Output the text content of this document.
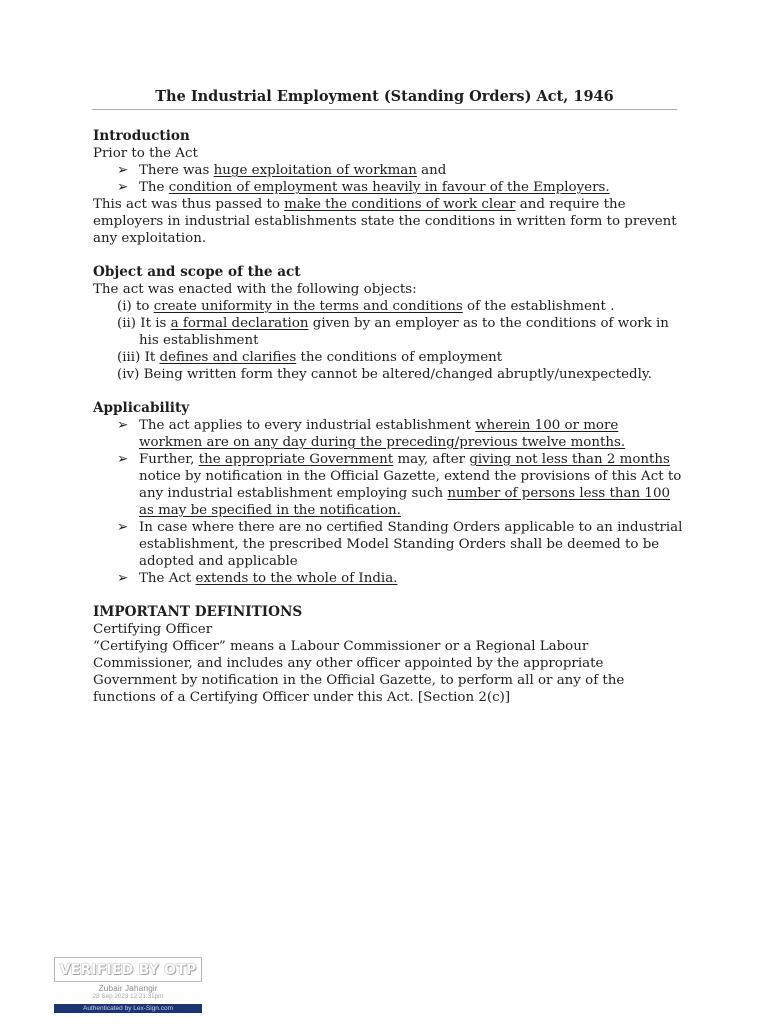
The Industrial Employment (Standing Orders) Act, 1946
Introduction

Prior to the Act

➢ There was huge exploitation of workman and

➢ The condition of employment was heavily in favour of the Employers.

This act was thus passed to make the conditions of work clear and require the employers in industrial establishments state the conditions in written form to prevent any exploitation.

Object and scope of the act

The act was enacted with the following objects:

(i) to create uniformity in the terms and conditions of the establishment .

(ii) It is a formal declaration given by an employer as to the conditions of work in his establishment

(iii) It defines and clarifies the conditions of employment

(iv) Being written form they cannot be altered/changed abruptly/unexpectedly.

Applicability

➢ The act applies to every industrial establishment wherein 100 or more workmen are on any day during the preceding/previous twelve months.

➢ Further, the appropriate Government may, after giving not less than 2 months notice by notification in the Official Gazette, extend the provisions of this Act to any industrial establishment employing such number of persons less than 100 as may be specified in the notification.

➢ In case where there are no certified Standing Orders applicable to an industrial establishment, the prescribed Model Standing Orders shall be deemed to be adopted and applicable

➢ The Act extends to the whole of India.

IMPORTANT DEFINITIONS

Certifying Officer

“Certifying Officer” means a Labour Commissioner or a Regional Labour Commissioner, and includes any other officer appointed by the appropriate Government by notification in the Official Gazette, to perform all or any of the functions of a Certifying Officer under this Act. [Section 2(c)]

VERIFIED BY OTP
Zubair Jahangir
28 Sep 2023 12:21:31pm
Authenticated by Lex-Sign.com
